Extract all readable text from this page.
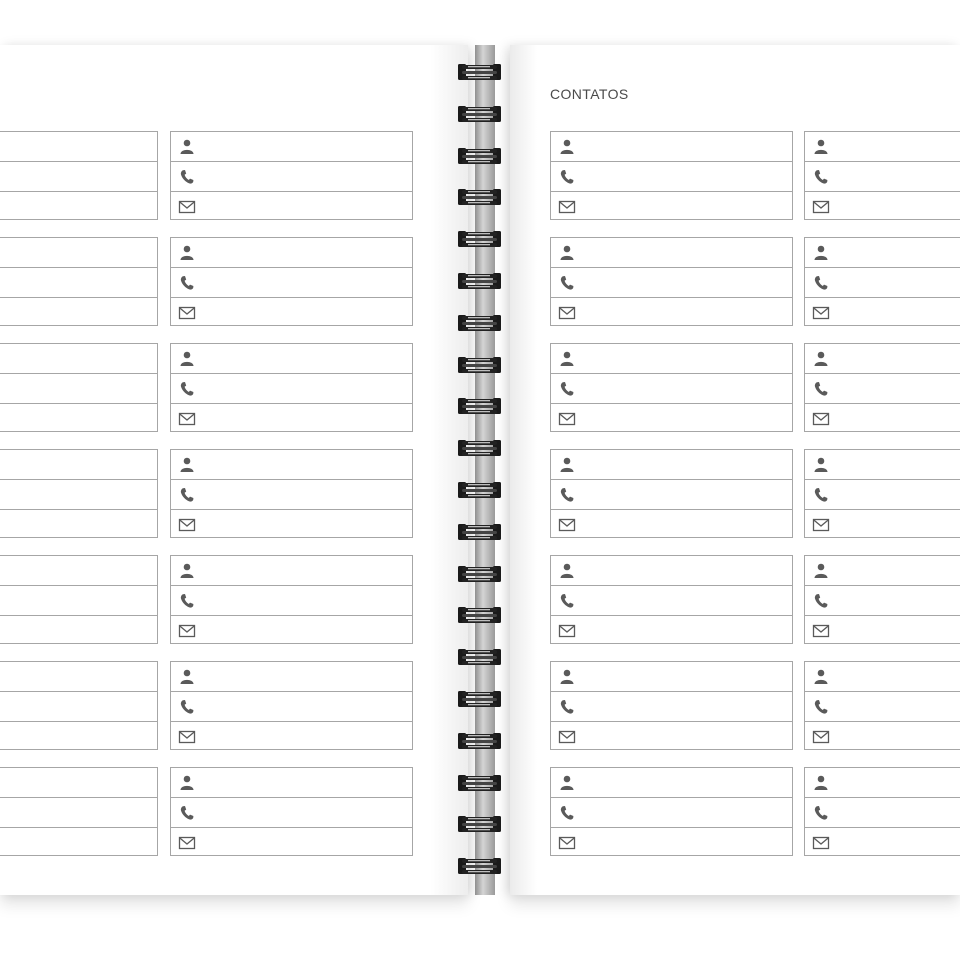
CONTATOS
